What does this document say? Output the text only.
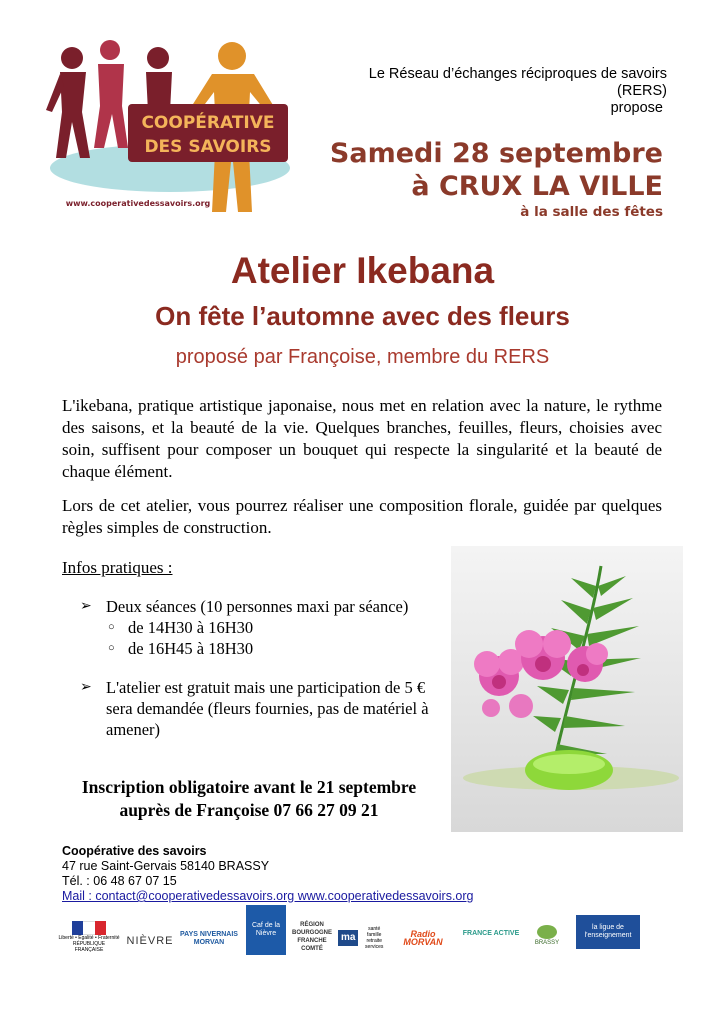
COOPÉRATIVE
DES SAVOIRS
www.cooperativedessavoirs.org
Le Réseau d’échanges réciproques de savoirs
(RERS)
propose
Samedi 28 septembre
à CRUX LA VILLE
à la salle des fêtes
Atelier Ikebana
On fête l’automne avec des fleurs
proposé par Françoise, membre du RERS
L'ikebana, pratique artistique japonaise, nous met en relation avec la nature, le rythme des saisons, et la beauté de la vie. Quelques branches, feuilles, fleurs, choisies avec soin, suffisent pour composer un bouquet qui respecte la singularité et la beauté de chaque élément.
Lors de cet atelier, vous pourrez réaliser une composition florale, guidée par quelques règles simples de construction.
Infos pratiques :
➢ Deux séances (10 personnes maxi par séance)
○ de 14H30 à 16H30
○ de 16H45 à 18H30
➢ L'atelier est gratuit mais une participation de 5 € sera demandée (fleurs fournies, pas de matériel à amener)
Inscription obligatoire avant le 21 septembre
auprès de Françoise 07 66 27 09 21
Coopérative des savoirs
47 rue Saint-Gervais 58140 BRASSY
Tél. : 06 48 67 07 15
Mail : contact@cooperativedessavoirs.org www.cooperativedessavoirs.org
Liberté • Égalité • Fraternité RÉPUBLIQUE FRANÇAISE
NIÈVRE
PAYS NIVERNAIS MORVAN
Caf de la Nièvre
RÉGION BOURGOGNE FRANCHE COMTÉ
ma
santé famille retraite services
Radio MORVAN
FRANCE ACTIVE
BRASSY
la ligue de l'enseignement
